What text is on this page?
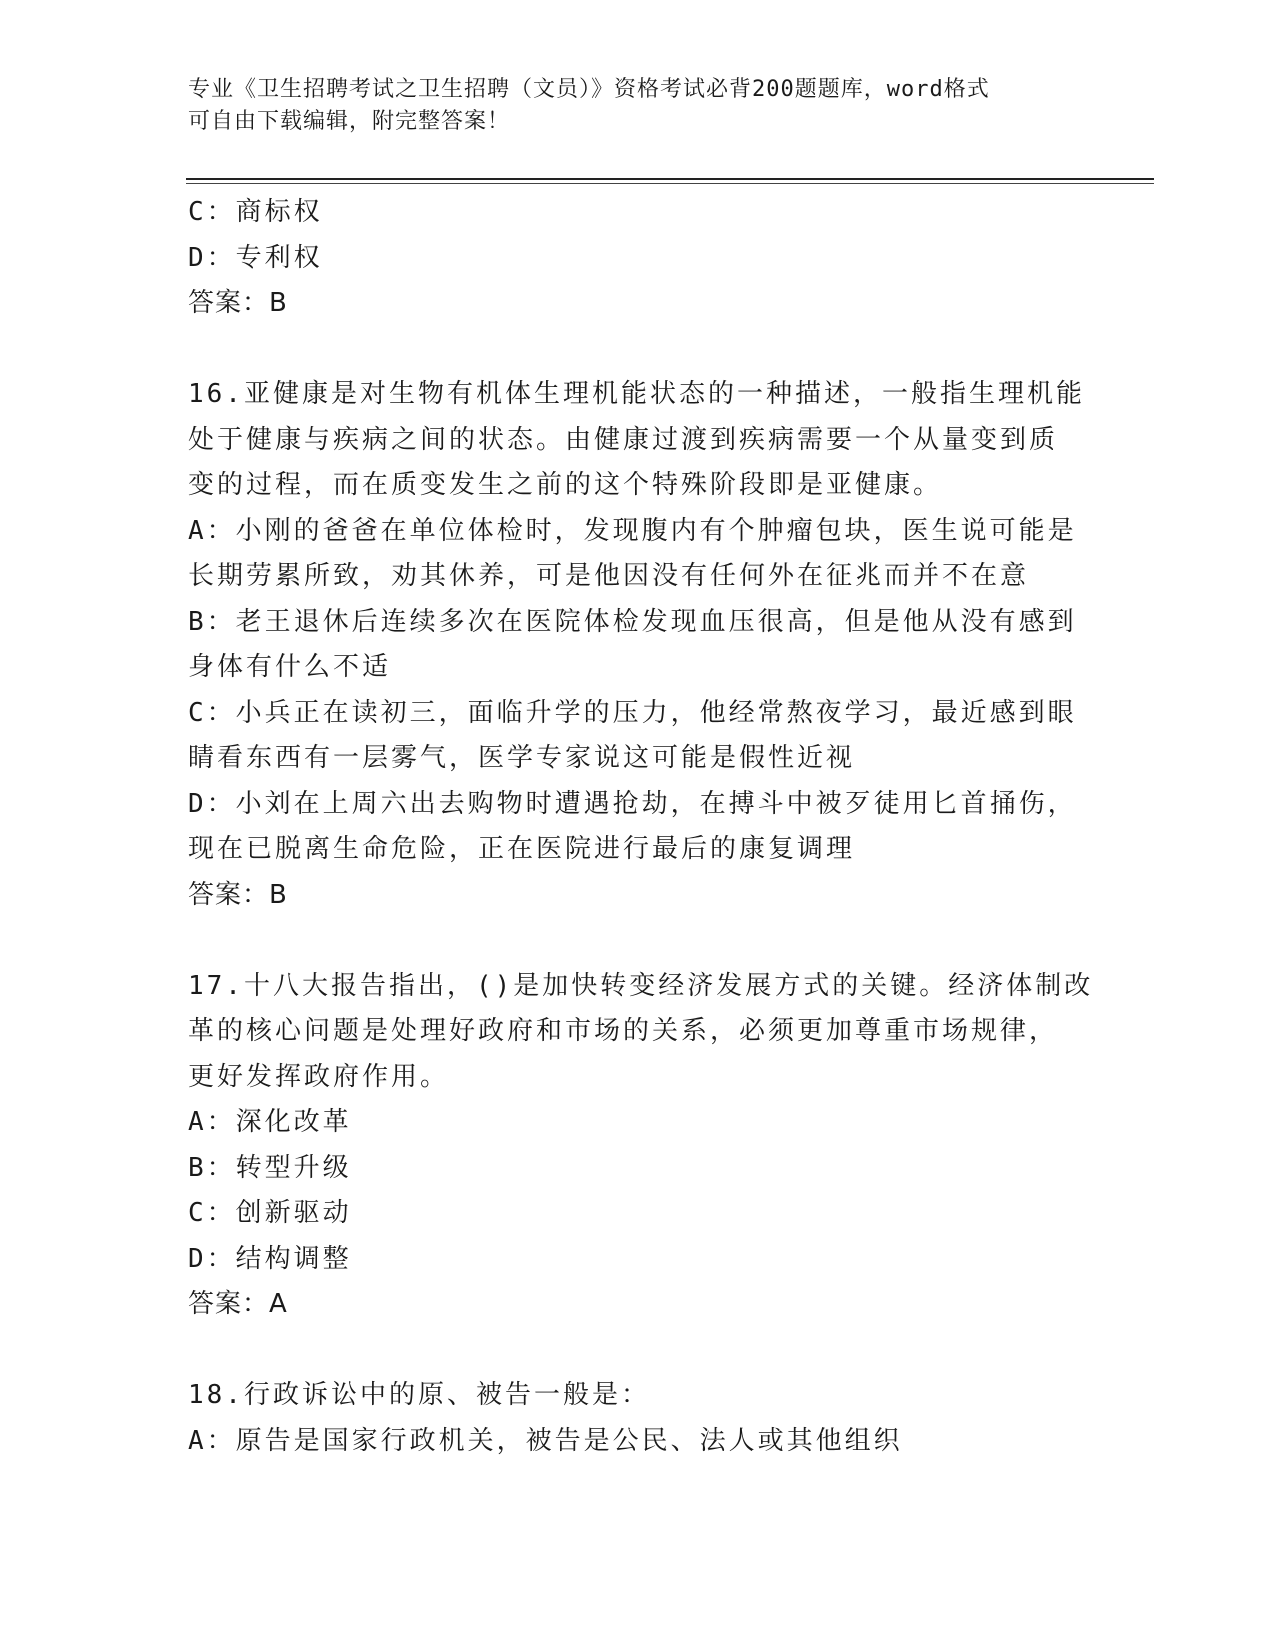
专业《卫生招聘考试之卫生招聘（文员）》资格考试必背200题题库，word格式
可自由下载编辑，附完整答案！
C：商标权
D：专利权
答案：B
16.亚健康是对生物有机体生理机能状态的一种描述，一般指生理机能
处于健康与疾病之间的状态。由健康过渡到疾病需要一个从量变到质
变的过程，而在质变发生之前的这个特殊阶段即是亚健康。
A：小刚的爸爸在单位体检时，发现腹内有个肿瘤包块，医生说可能是
长期劳累所致，劝其休养，可是他因没有任何外在征兆而并不在意
B：老王退休后连续多次在医院体检发现血压很高，但是他从没有感到
身体有什么不适
C：小兵正在读初三，面临升学的压力，他经常熬夜学习，最近感到眼
睛看东西有一层雾气，医学专家说这可能是假性近视
D：小刘在上周六出去购物时遭遇抢劫，在搏斗中被歹徒用匕首捅伤，
现在已脱离生命危险，正在医院进行最后的康复调理
答案：B
17.十八大报告指出，()是加快转变经济发展方式的关键。经济体制改
革的核心问题是处理好政府和市场的关系，必须更加尊重市场规律，
更好发挥政府作用。
A：深化改革
B：转型升级
C：创新驱动
D：结构调整
答案：A
18.行政诉讼中的原、被告一般是：
A：原告是国家行政机关，被告是公民、法人或其他组织
